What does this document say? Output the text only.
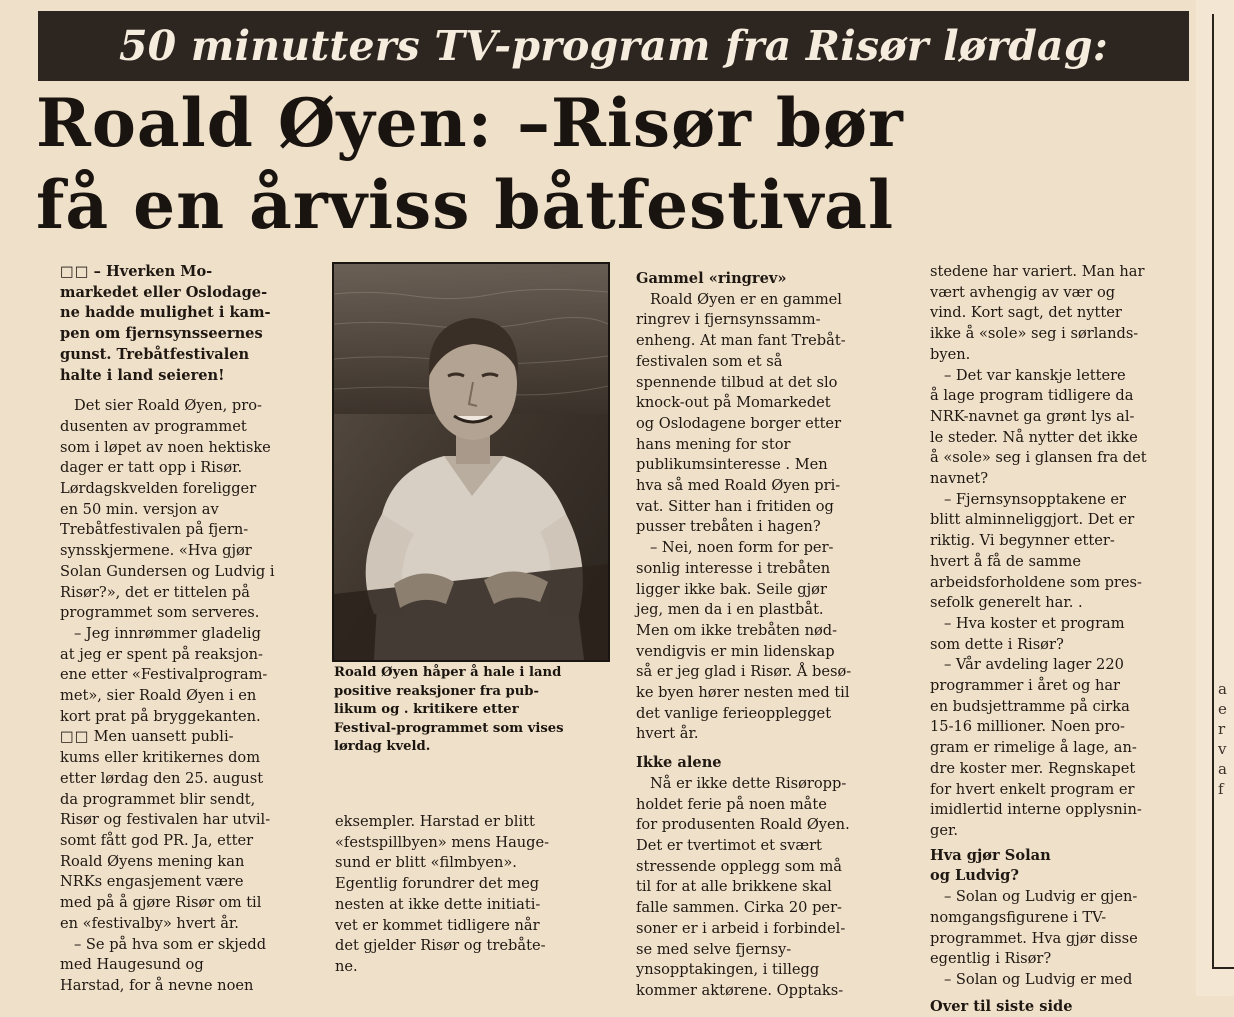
a
e
r
v
a
f
50 minutters TV-program fra Risør lørdag:
Roald Øyen: –Risør bør
få en årviss båtfestival

□□ – Hverken Mo-

markedet eller Oslodage-

ne hadde mulighet i kam-

pen om fjernsynsseernes

gunst. Trebåtfestivalen

halte i land seieren!

Det sier Roald Øyen, pro-

dusenten av programmet

som i løpet av noen hektiske

dager er tatt opp i Risør.

Lørdagskvelden foreligger

en 50 min. versjon av

Trebåtfestivalen på fjern-

synsskjermene. «Hva gjør

Solan Gundersen og Ludvig i

Risør?», det er tittelen på

programmet som serveres.

– Jeg innrømmer gladelig

at jeg er spent på reaksjon-

ene etter «Festivalprogram-

met», sier Roald Øyen i en

kort prat på bryggekanten.

□□ Men uansett publi-

kums eller kritikernes dom

etter lørdag den 25. august

da programmet blir sendt,

Risør og festivalen har utvil-

somt fått god PR. Ja, etter

Roald Øyens mening kan

NRKs engasjement være

med på å gjøre Risør om til

en «festivalby» hvert år.

– Se på hva som er skjedd

med Haugesund og

Harstad, for å nevne noen

Roald Øyen håper å hale i land

positive reaksjoner fra pub-

likum og . kritikere etter

Festival-programmet som vises

lørdag kveld.

eksempler. Harstad er blitt

«festspillbyen» mens Hauge-

sund er blitt «filmbyen».

Egentlig forundrer det meg

nesten at ikke dette initiati-

vet er kommet tidligere når

det gjelder Risør og trebåte-

ne.

Gammel «ringrev»

Roald Øyen er en gammel

ringrev i fjernsynssamm-

enheng. At man fant Trebåt-

festivalen som et så

spennende tilbud at det slo

knock-out på Momarkedet

og Oslodagene borger etter

hans mening for stor

publikumsinteresse . Men

hva så med Roald Øyen pri-

vat. Sitter han i fritiden og

pusser trebåten i hagen?

– Nei, noen form for per-

sonlig interesse i trebåten

ligger ikke bak. Seile gjør

jeg, men da i en plastbåt.

Men om ikke trebåten nød-

vendigvis er min lidenskap

så er jeg glad i Risør. Å besø-

ke byen hører nesten med til

det vanlige ferieopplegget

hvert år.

Ikke alene

Nå er ikke dette Risøropp-

holdet ferie på noen måte

for produsenten Roald Øyen.

Det er tvertimot et svært

stressende opplegg som må

til for at alle brikkene skal

falle sammen. Cirka 20 per-

soner er i arbeid i forbindel-

se med selve fjernsy-

ynsopptakingen, i tillegg

kommer aktørene. Opptaks-

stedene har variert. Man har

vært avhengig av vær og

vind. Kort sagt, det nytter

ikke å «sole» seg i sørlands-

byen.

– Det var kanskje lettere

å lage program tidligere da

NRK-navnet ga grønt lys al-

le steder. Nå nytter det ikke

å «sole» seg i glansen fra det

navnet?

– Fjernsynsopptakene er

blitt alminneliggjort. Det er

riktig. Vi begynner etter-

hvert å få de samme

arbeidsforholdene som pres-

sefolk generelt har. .

– Hva koster et program

som dette i Risør?

– Vår avdeling lager 220

programmer i året og har

en budsjettramme på cirka

15-16 millioner. Noen pro-

gram er rimelige å lage, an-

dre koster mer. Regnskapet

for hvert enkelt program er

imidlertid interne opplysnin-

ger.

Hva gjør Solan

og Ludvig?

– Solan og Ludvig er gjen-

nomgangsfigurene i TV-

programmet. Hva gjør disse

egentlig i Risør?

– Solan og Ludvig er med

Over til siste side
